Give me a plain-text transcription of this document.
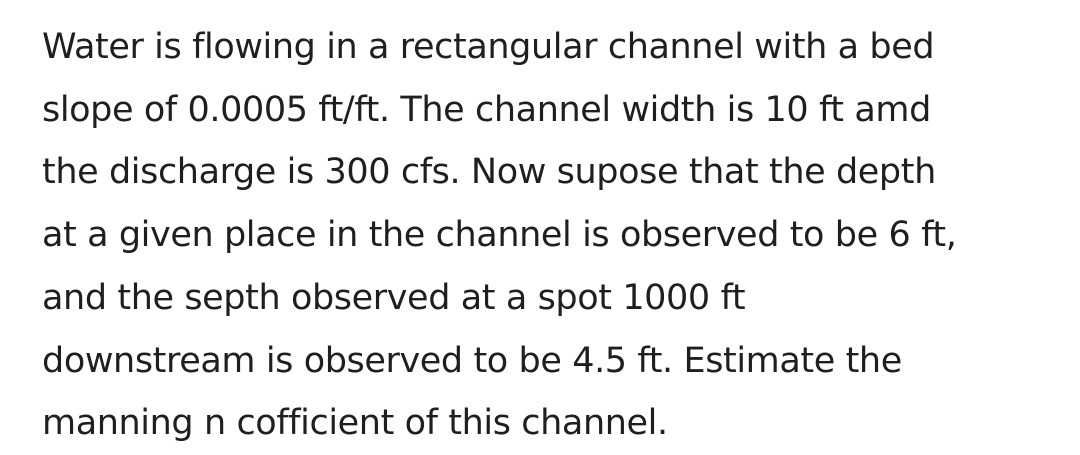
Water is flowing in a rectangular channel with a bed
slope of 0.0005 ft/ft. The channel width is 10 ft amd
the discharge is 300 cfs. Now supose that the depth
at a given place in the channel is observed to be 6 ft,
and the septh observed at a spot 1000 ft
downstream is observed to be 4.5 ft. Estimate the
manning n cofficient of this channel.
